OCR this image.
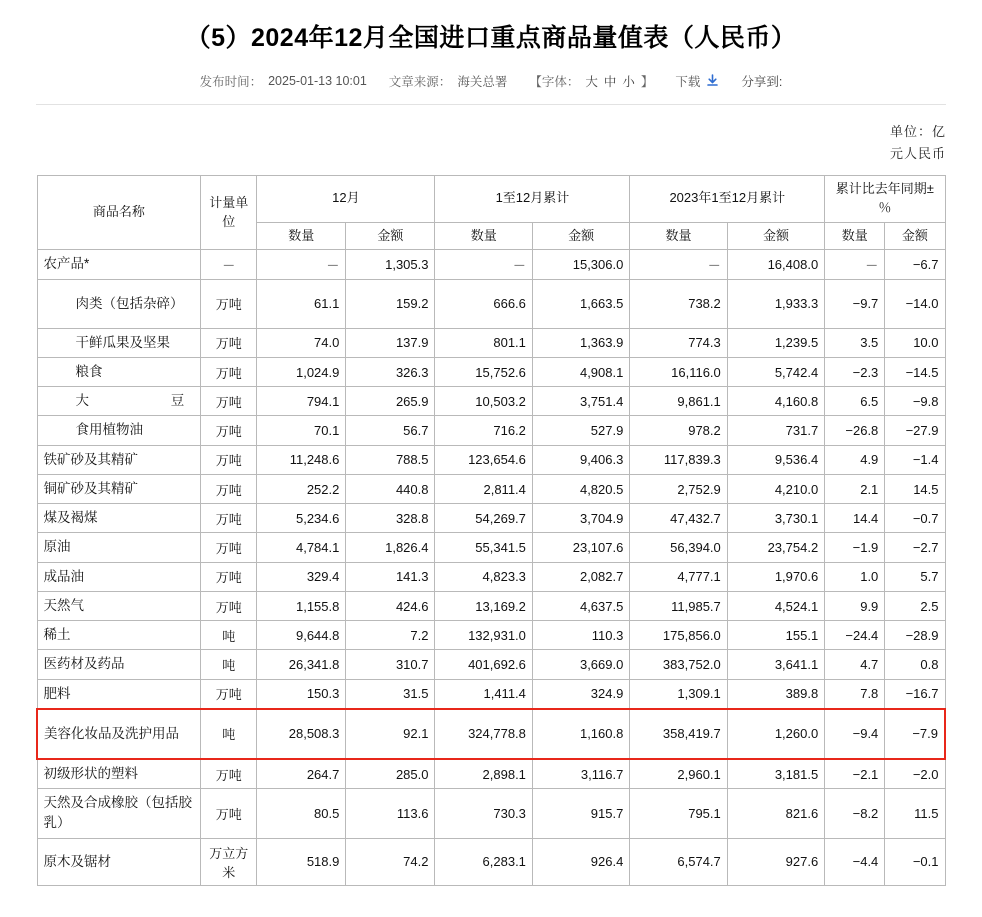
（5）2024年12月全国进口重点商品量值表（人民币）
发布时间： 2025-01-13 10:01 文章来源： 海关总署 【字体： 大 中 小 】 下载	分享到:
单位：亿
元人民币
商品名称	计量单位	12月		1至12月累计		2023年1至12月累计		累计比去年同期±％	
		数量	金额	数量	金额	数量	金额	数量	金额
农产品*	－	－	1,305.3	－	15,306.0	－	16,408.0	－	−6.7
肉类（包括杂碎）	万吨	61.1	159.2	666.6	1,663.5	738.2	1,933.3	−9.7	−14.0
干鲜瓜果及坚果	万吨	74.0	137.9	801.1	1,363.9	774.3	1,239.5	3.5	10.0
粮食	万吨	1,024.9	326.3	15,752.6	4,908.1	16,116.0	5,742.4	−2.3	−14.5
大豆	万吨	794.1	265.9	10,503.2	3,751.4	9,861.1	4,160.8	6.5	−9.8
食用植物油	万吨	70.1	56.7	716.2	527.9	978.2	731.7	−26.8	−27.9
铁矿砂及其精矿	万吨	11,248.6	788.5	123,654.6	9,406.3	117,839.3	9,536.4	4.9	−1.4
铜矿砂及其精矿	万吨	252.2	440.8	2,811.4	4,820.5	2,752.9	4,210.0	2.1	14.5
煤及褐煤	万吨	5,234.6	328.8	54,269.7	3,704.9	47,432.7	3,730.1	14.4	−0.7
原油	万吨	4,784.1	1,826.4	55,341.5	23,107.6	56,394.0	23,754.2	−1.9	−2.7
成品油	万吨	329.4	141.3	4,823.3	2,082.7	4,777.1	1,970.6	1.0	5.7
天然气	万吨	1,155.8	424.6	13,169.2	4,637.5	11,985.7	4,524.1	9.9	2.5
稀土	吨	9,644.8	7.2	132,931.0	110.3	175,856.0	155.1	−24.4	−28.9
医药材及药品	吨	26,341.8	310.7	401,692.6	3,669.0	383,752.0	3,641.1	4.7	0.8
肥料	万吨	150.3	31.5	1,411.4	324.9	1,309.1	389.8	7.8	−16.7
美容化妆品及洗护用品	吨	28,508.3	92.1	324,778.8	1,160.8	358,419.7	1,260.0	−9.4	−7.9
初级形状的塑料	万吨	264.7	285.0	2,898.1	3,116.7	2,960.1	3,181.5	−2.1	−2.0
天然及合成橡胶（包括胶乳）	万吨	80.5	113.6	730.3	915.7	795.1	821.6	−8.2	11.5
原木及锯材	万立方米	518.9	74.2	6,283.1	926.4	6,574.7	927.6	−4.4	−0.1
